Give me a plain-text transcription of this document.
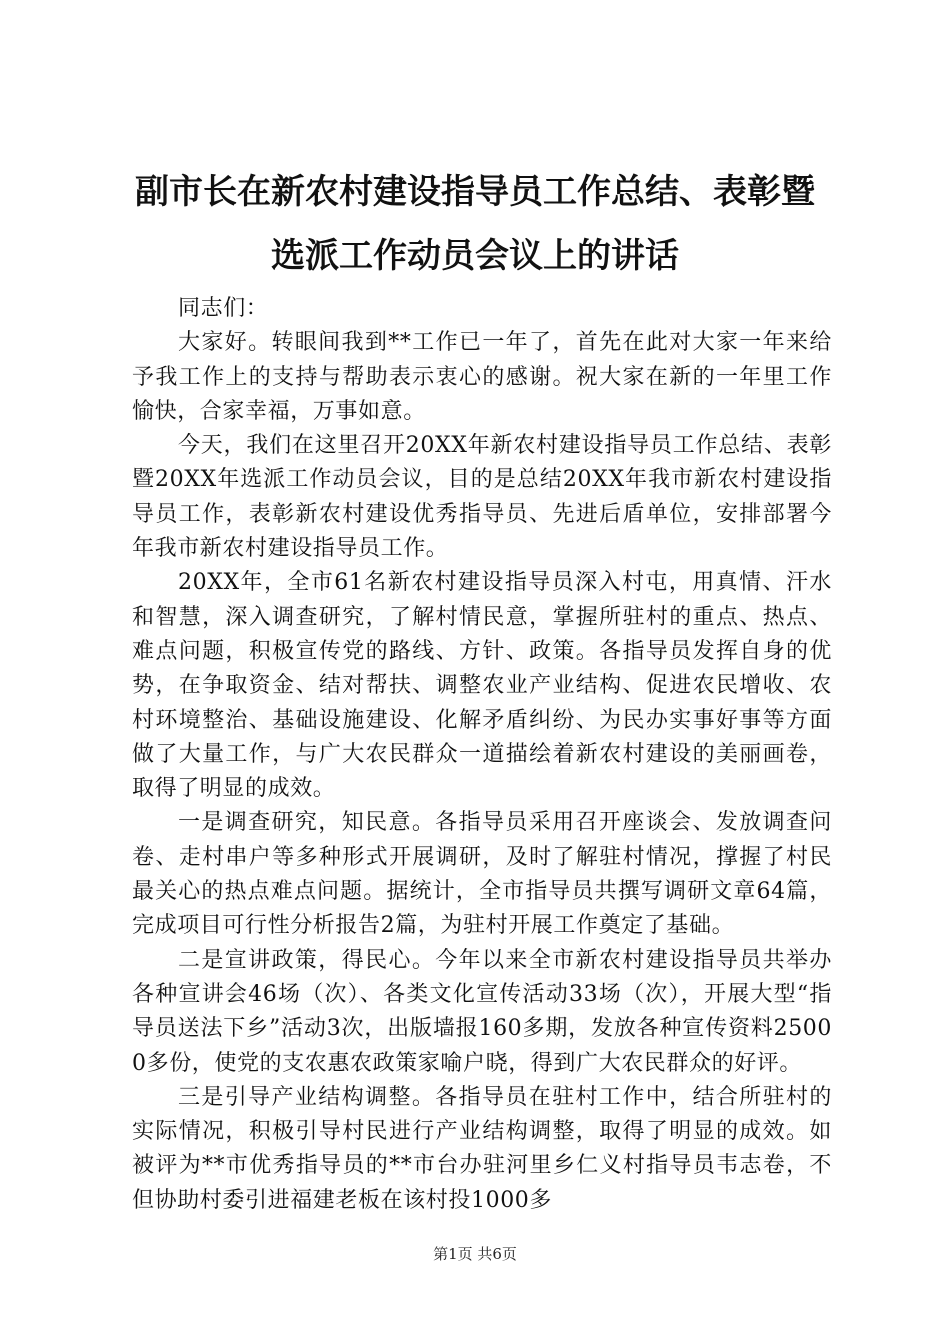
副市长在新农村建设指导员工作总结、表彰暨
选派工作动员会议上的讲话

同志们：

大家好。转眼间我到**工作已一年了，首先在此对大家一年来给予我工作上的支持与帮助表示衷心的感谢。祝大家在新的一年里工作愉快，合家幸福，万事如意。

今天，我们在这里召开20XX年新农村建设指导员工作总结、表彰暨20XX年选派工作动员会议，目的是总结20XX年我市新农村建设指导员工作，表彰新农村建设优秀指导员、先进后盾单位，安排部署今年我市新农村建设指导员工作。

20XX年，全市61名新农村建设指导员深入村屯，用真情、汗水和智慧，深入调查研究，了解村情民意，掌握所驻村的重点、热点、难点问题，积极宣传党的路线、方针、政策。各指导员发挥自身的优势，在争取资金、结对帮扶、调整农业产业结构、促进农民增收、农村环境整治、基础设施建设、化解矛盾纠纷、为民办实事好事等方面做了大量工作，与广大农民群众一道描绘着新农村建设的美丽画卷，取得了明显的成效。

一是调查研究，知民意。各指导员采用召开座谈会、发放调查问卷、走村串户等多种形式开展调研，及时了解驻村情况，撑握了村民最关心的热点难点问题。据统计，全市指导员共撰写调研文章64篇，完成项目可行性分析报告2篇，为驻村开展工作奠定了基础。

二是宣讲政策，得民心。今年以来全市新农村建设指导员共举办各种宣讲会46场（次）、各类文化宣传活动33场（次），开展大型“指导员送法下乡”活动3次，出版墙报160多期，发放各种宣传资料25000多份，使党的支农惠农政策家喻户晓，得到广大农民群众的好评。

三是引导产业结构调整。各指导员在驻村工作中，结合所驻村的实际情况，积极引导村民进行产业结构调整，取得了明显的成效。如被评为**市优秀指导员的**市台办驻河里乡仁义村指导员韦志卷，不但协助村委引进福建老板在该村投1000多

第1页 共6页
